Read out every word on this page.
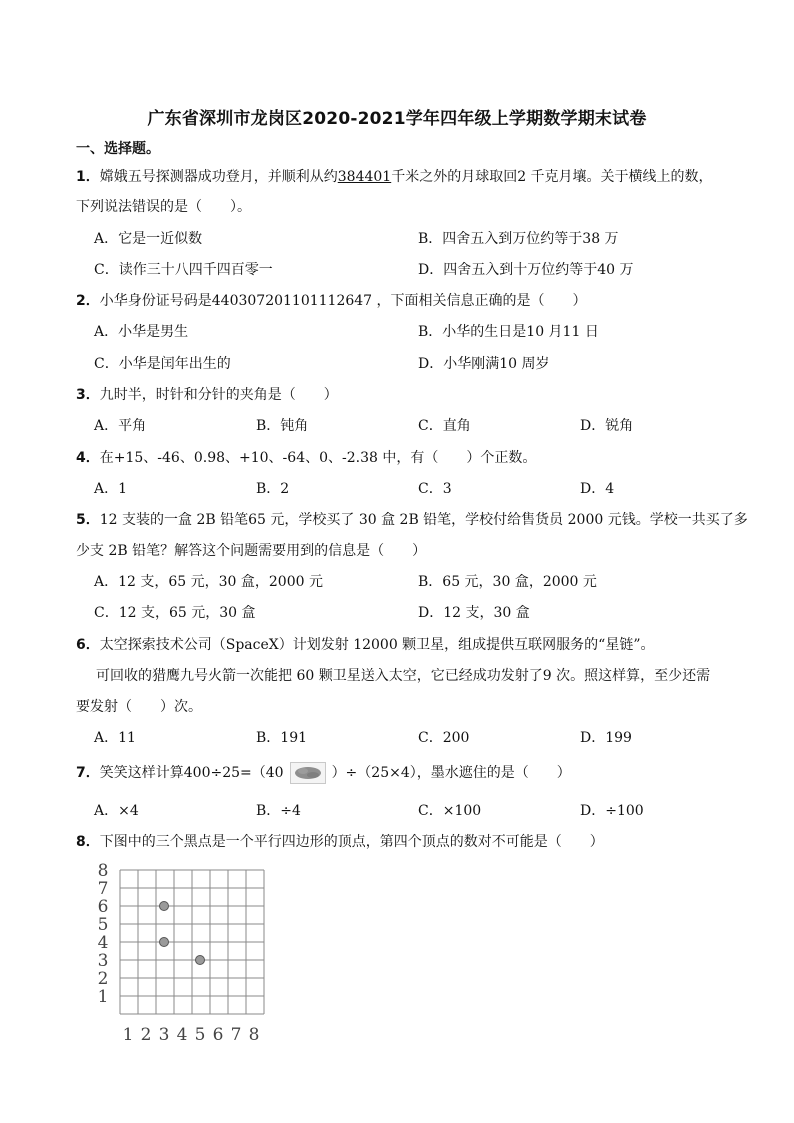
广东省深圳市龙岗区2020-2021学年四年级上学期数学期末试卷
一、选择题。
1．嫦娥五号探测器成功登月，并顺利从约384401千米之外的月球取回2 千克月壤。关于横线上的数，
下列说法错误的是（　　）。
A．它是一近似数	B．四舍五入到万位约等于38 万
C．读作三十八四千四百零一	D．四舍五入到十万位约等于40 万
2．小华身份证号码是440307201101112647 ，下面相关信息正确的是（　　）
A．小华是男生	B．小华的生日是10 月11 日
C．小华是闰年出生的	D．小华刚满10 周岁
3．九时半，时针和分针的夹角是（　　）
A．平角	B．钝角	C．直角	D．锐角
4．在+15、-46、0.98、+10、-64、0、-2.38 中，有（　　）个正数。
A．1	B．2	C．3	D．4
5．12 支装的一盒 2B 铅笔65 元，学校买了 30 盒 2B 铅笔，学校付给售货员 2000 元钱。学校一共买了多
少支 2B 铅笔？解答这个问题需要用到的信息是（　　）
A．12 支，65 元，30 盒，2000 元	B．65 元，30 盒，2000 元
C．12 支，65 元，30 盒	D．12 支，30 盒
6．太空探索技术公司（SpaceX）计划发射 12000 颗卫星，组成提供互联网服务的“星链”。
可回收的猎鹰九号火箭一次能把 60 颗卫星送入太空，它已经成功发射了9 次。照这样算，至少还需
要发射（　　）次。
A．11	B．191	C．200	D．199
7．笑笑这样计算400÷25=（40	）÷（25×4），墨水遮住的是（　　）
A．×4	B．÷4	C．×100	D．÷100
8．下图中的三个黑点是一个平行四边形的顶点，第四个顶点的数对不可能是（　　）
8
7
6
5
4
3
2
1
1 2 3 4 5 6 7 8
